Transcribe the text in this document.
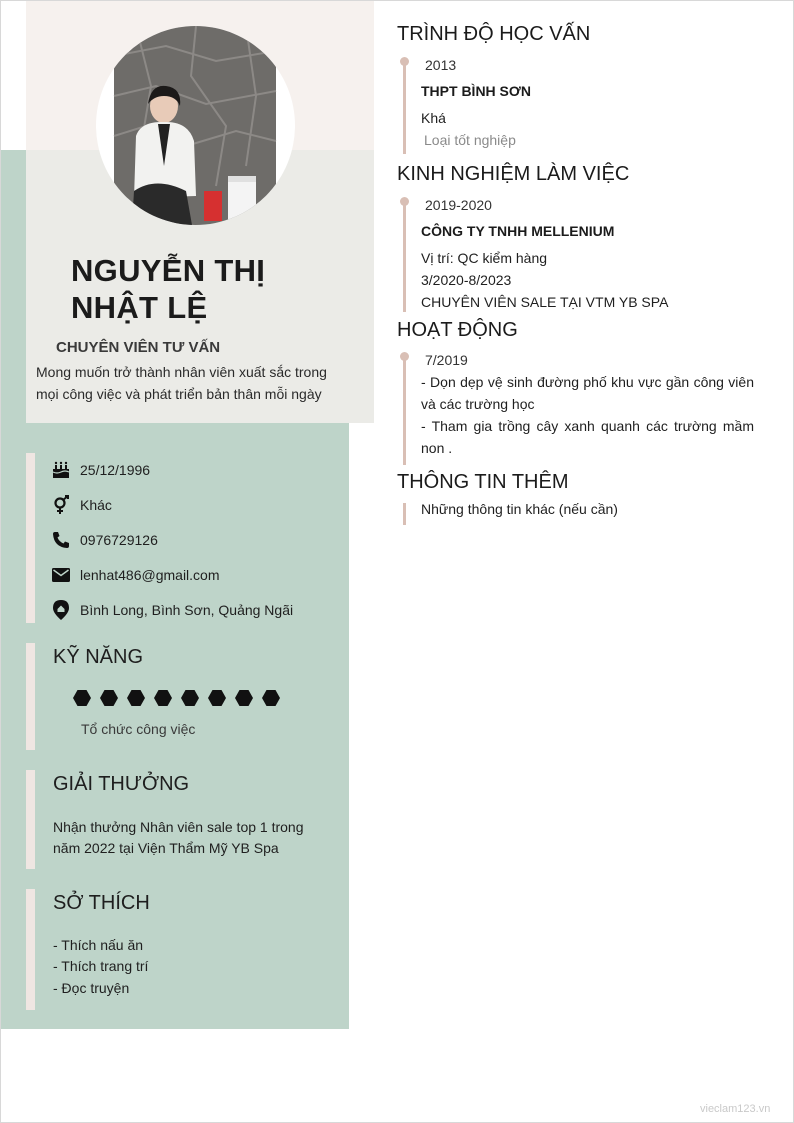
NGUYỄN THỊ NHẬT LỆ
CHUYÊN VIÊN TƯ VẤN
Mong muốn trở thành nhân viên xuất sắc trong mọi công việc và phát triển bản thân mỗi ngày
25/12/1996
Khác
0976729126
lenhat486@gmail.com
Bình Long, Bình Sơn, Quảng Ngãi
KỸ NĂNG
Tổ chức công việc
GIẢI THƯỞNG
Nhận thưởng Nhân viên sale top 1 trong năm 2022 tại Viện Thẩm Mỹ YB Spa
SỞ THÍCH
- Thích nấu ăn
- Thích trang trí
- Đọc truyện
TRÌNH ĐỘ HỌC VẤN
2013
THPT BÌNH SƠN
Khá
Loại tốt nghiệp
KINH NGHIỆM LÀM VIỆC
2019-2020
CÔNG TY TNHH MELLENIUM
Vị trí: QC kiểm hàng
3/2020-8/2023
CHUYÊN VIÊN SALE TẠI VTM YB SPA
HOẠT ĐỘNG
7/2019
- Dọn dẹp vệ sinh đường phố khu vực gần công viên và các trường học
- Tham gia trồng cây xanh quanh các trường mầm non .
THÔNG TIN THÊM
Những thông tin khác (nếu cần)
vieclam123.vn
